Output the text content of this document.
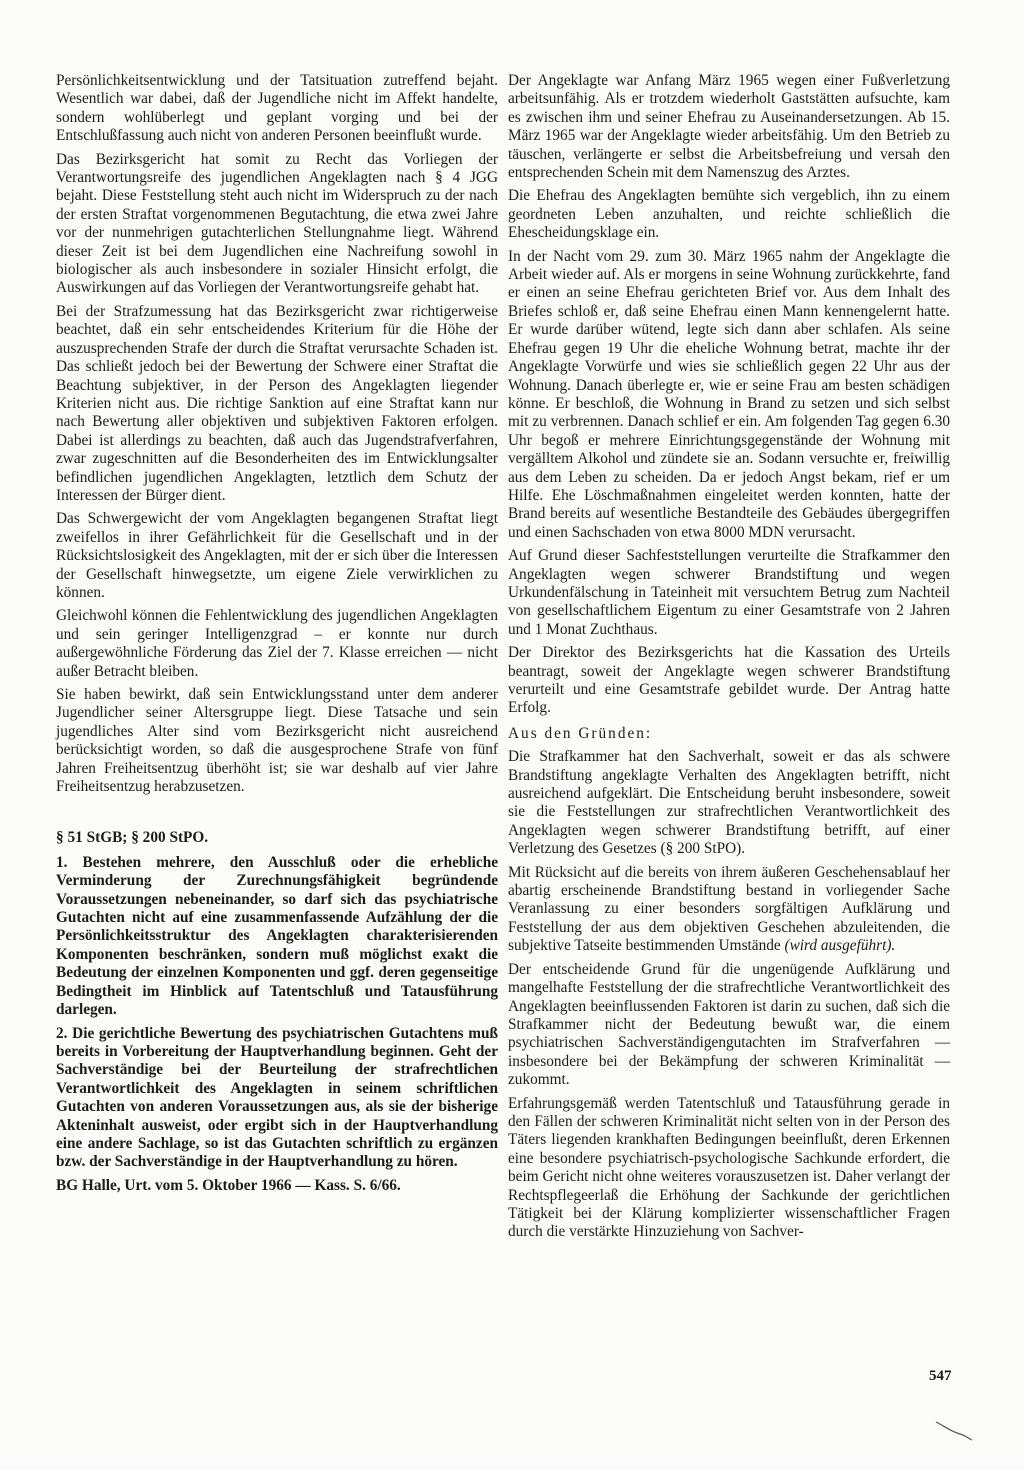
Persönlichkeitsentwicklung und der Tatsituation zutreffend bejaht. Wesentlich war dabei, daß der Jugendliche nicht im Affekt handelte, sondern wohlüberlegt und geplant vorging und bei der Entschlußfassung auch nicht von anderen Personen beeinflußt wurde.

Das Bezirksgericht hat somit zu Recht das Vorliegen der Verantwortungsreife des jugendlichen Angeklagten nach § 4 JGG bejaht. Diese Feststellung steht auch nicht im Widerspruch zu der nach der ersten Straftat vorgenommenen Begutachtung, die etwa zwei Jahre vor der nunmehrigen gutachterlichen Stellungnahme liegt. Während dieser Zeit ist bei dem Jugendlichen eine Nachreifung sowohl in biologischer als auch insbesondere in sozialer Hinsicht erfolgt, die Auswirkungen auf das Vorliegen der Verantwortungsreife gehabt hat.

Bei der Strafzumessung hat das Bezirksgericht zwar richtigerweise beachtet, daß ein sehr entscheidendes Kriterium für die Höhe der auszusprechenden Strafe der durch die Straftat verursachte Schaden ist. Das schließt jedoch bei der Bewertung der Schwere einer Straftat die Beachtung subjektiver, in der Person des Angeklagten liegender Kriterien nicht aus. Die richtige Sanktion auf eine Straftat kann nur nach Bewertung aller objektiven und subjektiven Faktoren erfolgen. Dabei ist allerdings zu beachten, daß auch das Jugendstrafverfahren, zwar zugeschnitten auf die Besonderheiten des im Entwicklungsalter befindlichen jugendlichen Angeklagten, letztlich dem Schutz der Interessen der Bürger dient.

Das Schwergewicht der vom Angeklagten begangenen Straftat liegt zweifellos in ihrer Gefährlichkeit für die Gesellschaft und in der Rücksichtslosigkeit des Angeklagten, mit der er sich über die Interessen der Gesellschaft hinwegsetzte, um eigene Ziele verwirklichen zu können.

Gleichwohl können die Fehlentwicklung des jugendlichen Angeklagten und sein geringer Intelligenzgrad – er konnte nur durch außergewöhnliche Förderung das Ziel der 7. Klasse erreichen — nicht außer Betracht bleiben.

Sie haben bewirkt, daß sein Entwicklungsstand unter dem anderer Jugendlicher seiner Altersgruppe liegt. Diese Tatsache und sein jugendliches Alter sind vom Bezirksgericht nicht ausreichend berücksichtigt worden, so daß die ausgesprochene Strafe von fünf Jahren Freiheitsentzug überhöht ist; sie war deshalb auf vier Jahre Freiheitsentzug herabzusetzen.

§ 51 StGB; § 200 StPO.

1. Bestehen mehrere, den Ausschluß oder die erhebliche Verminderung der Zurechnungsfähigkeit begründende Voraussetzungen nebeneinander, so darf sich das psychiatrische Gutachten nicht auf eine zusammenfassende Aufzählung der die Persönlichkeitsstruktur des Angeklagten charakterisierenden Komponenten beschränken, sondern muß möglichst exakt die Bedeutung der einzelnen Komponenten und ggf. deren gegenseitige Bedingtheit im Hinblick auf Tatentschluß und Tatausführung darlegen.

2. Die gerichtliche Bewertung des psychiatrischen Gutachtens muß bereits in Vorbereitung der Hauptverhandlung beginnen. Geht der Sachverständige bei der Beurteilung der strafrechtlichen Verantwortlichkeit des Angeklagten in seinem schriftlichen Gutachten von anderen Voraussetzungen aus, als sie der bisherige Akteninhalt ausweist, oder ergibt sich in der Hauptverhandlung eine andere Sachlage, so ist das Gutachten schriftlich zu ergänzen bzw. der Sachverständige in der Hauptverhandlung zu hören.

BG Halle, Urt. vom 5. Oktober 1966 — Kass. S. 6/66.

Der Angeklagte war Anfang März 1965 wegen einer Fußverletzung arbeitsunfähig. Als er trotzdem wiederholt Gaststätten aufsuchte, kam es zwischen ihm und seiner Ehefrau zu Auseinandersetzungen. Ab 15. März 1965 war der Angeklagte wieder arbeitsfähig. Um den Betrieb zu täuschen, verlängerte er selbst die Arbeitsbefreiung und versah den entsprechenden Schein mit dem Namenszug des Arztes.

Die Ehefrau des Angeklagten bemühte sich vergeblich, ihn zu einem geordneten Leben anzuhalten, und reichte schließlich die Ehescheidungsklage ein.

In der Nacht vom 29. zum 30. März 1965 nahm der Angeklagte die Arbeit wieder auf. Als er morgens in seine Wohnung zurückkehrte, fand er einen an seine Ehefrau gerichteten Brief vor. Aus dem Inhalt des Briefes schloß er, daß seine Ehefrau einen Mann kennengelernt hatte. Er wurde darüber wütend, legte sich dann aber schlafen. Als seine Ehefrau gegen 19 Uhr die eheliche Wohnung betrat, machte ihr der Angeklagte Vorwürfe und wies sie schließlich gegen 22 Uhr aus der Wohnung. Danach überlegte er, wie er seine Frau am besten schädigen könne. Er beschloß, die Wohnung in Brand zu setzen und sich selbst mit zu verbrennen. Danach schlief er ein. Am folgenden Tag gegen 6.30 Uhr begoß er mehrere Einrichtungsgegenstände der Wohnung mit vergälltem Alkohol und zündete sie an. Sodann versuchte er, freiwillig aus dem Leben zu scheiden. Da er jedoch Angst bekam, rief er um Hilfe. Ehe Löschmaßnahmen eingeleitet werden konnten, hatte der Brand bereits auf wesentliche Bestandteile des Gebäudes übergegriffen und einen Sachschaden von etwa 8000 MDN verursacht.

Auf Grund dieser Sachfeststellungen verurteilte die Strafkammer den Angeklagten wegen schwerer Brandstiftung und wegen Urkundenfälschung in Tateinheit mit versuchtem Betrug zum Nachteil von gesellschaftlichem Eigentum zu einer Gesamtstrafe von 2 Jahren und 1 Monat Zuchthaus.

Der Direktor des Bezirksgerichts hat die Kassation des Urteils beantragt, soweit der Angeklagte wegen schwerer Brandstiftung verurteilt und eine Gesamtstrafe gebildet wurde. Der Antrag hatte Erfolg.

Aus den Gründen:

Die Strafkammer hat den Sachverhalt, soweit er das als schwere Brandstiftung angeklagte Verhalten des Angeklagten betrifft, nicht ausreichend aufgeklärt. Die Entscheidung beruht insbesondere, soweit sie die Feststellungen zur strafrechtlichen Verantwortlichkeit des Angeklagten wegen schwerer Brandstiftung betrifft, auf einer Verletzung des Gesetzes (§ 200 StPO).

Mit Rücksicht auf die bereits von ihrem äußeren Geschehensablauf her abartig erscheinende Brandstiftung bestand in vorliegender Sache Veranlassung zu einer besonders sorgfältigen Aufklärung und Feststellung der aus dem objektiven Geschehen abzuleitenden, die subjektive Tatseite bestimmenden Umstände (wird ausgeführt).

Der entscheidende Grund für die ungenügende Aufklärung und mangelhafte Feststellung der die strafrechtliche Verantwortlichkeit des Angeklagten beeinflussenden Faktoren ist darin zu suchen, daß sich die Strafkammer nicht der Bedeutung bewußt war, die einem psychiatrischen Sachverständigengutachten im Strafverfahren — insbesondere bei der Bekämpfung der schweren Kriminalität — zukommt.

Erfahrungsgemäß werden Tatentschluß und Tatausführung gerade in den Fällen der schweren Kriminalität nicht selten von in der Person des Täters liegenden krankhaften Bedingungen beeinflußt, deren Erkennen eine besondere psychiatrisch-psychologische Sachkunde erfordert, die beim Gericht nicht ohne weiteres vorauszusetzen ist. Daher verlangt der Rechtspflegeerlaß die Erhöhung der Sachkunde der gerichtlichen Tätigkeit bei der Klärung komplizierter wissenschaftlicher Fragen durch die verstärkte Hinzuziehung von Sachver-

547
